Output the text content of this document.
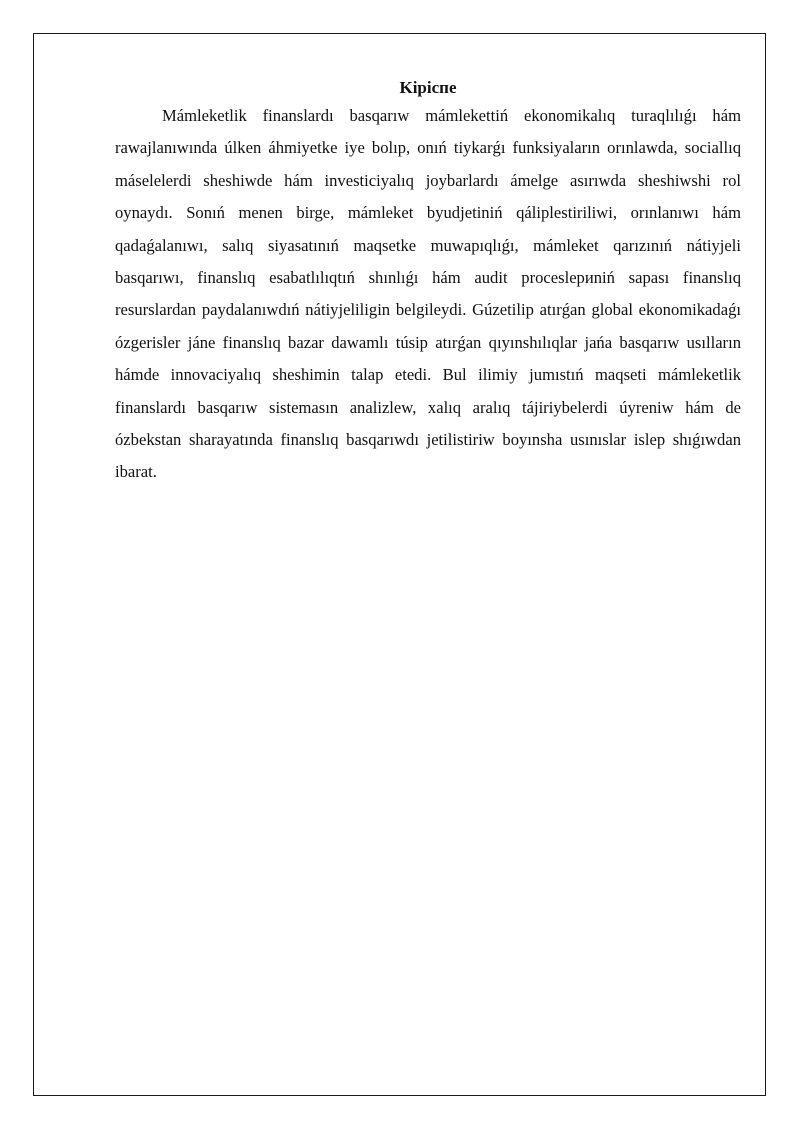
Kipicпе

Mámleketlik finanslardı basqarıw mámlekettiń ekonomikalıq turaqlılıǵı hám rawajlanıwında úlken áhmiyetke iye bolıp, onıń tiykarǵı funksiyaların orınlawda, sociallıq máselelerdi sheshiwde hám investiciyalıq joybarlardı ámelge asırıwda sheshiwshi rol oynaydı. Sonıń menen birge, mámleket byudjetiniń qáliplestiriliwi, orınlanıwı hám qadaǵalanıwı, salıq siyasatınıń maqsetke muwapıqlıǵı, mámleket qarızınıń nátiyjeli basqarıwı, finanslıq esabatlılıqtıń shınlıǵı hám audit proceslериniń sapası finanslıq resurslardan paydalanıwdıń nátiyjeliligin belgileydi. Gúzetilip atırǵan global ekonomikadaǵı ózgerisler jáne finanslıq bazar dawamlı túsip atırǵan qıyınshılıqlar jańa basqarıw usılların hámde innovaciyalıq sheshimin talap etedi. Bul ilimiy jumıstıń maqseti mámleketlik finanslardı basqarıw sistemasın analizlew, xalıq aralıq tájiriybelerdi úyreniw hám de ózbekstan sharayatında finanslıq basqarıwdı jetilistiriw boyınsha usınıslar islep shıǵıwdan ibarat.
